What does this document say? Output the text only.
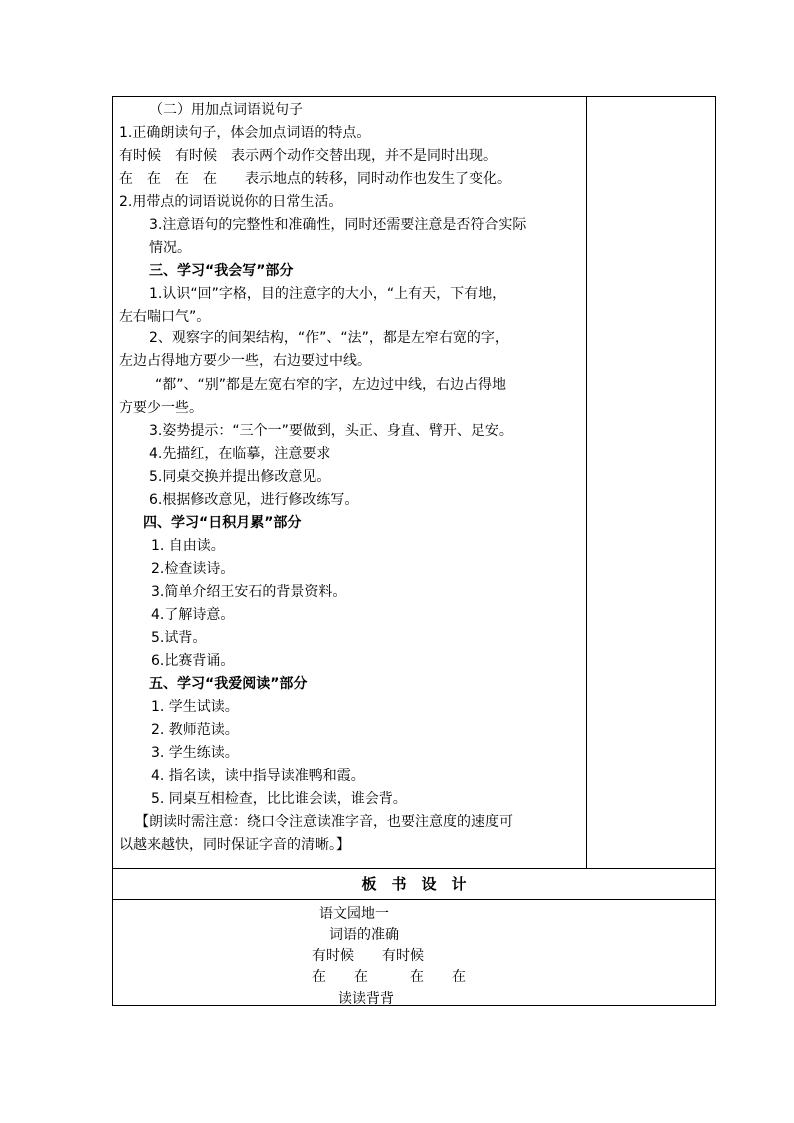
（二）用加点词语说句子
1.正确朗读句子，体会加点词语的特点。
有时候　有时候　表示两个动作交替出现，并不是同时出现。
在　在　在　在　　表示地点的转移，同时动作也发生了变化。
2.用带点的词语说说你的日常生活。
3.注意语句的完整性和准确性，同时还需要注意是否符合实际
情况。
三、学习“我会写”部分
1.认识“回”字格，目的注意字的大小，“上有天，下有地，
左右喘口气”。
2、观察字的间架结构，“作”、“法”，都是左窄右宽的字，
左边占得地方要少一些，右边要过中线。
“都”、“别”都是左宽右窄的字，左边过中线，右边占得地
方要少一些。
3.姿势提示：“三个一”要做到，头正、身直、臂开、足安。
4.先描红，在临摹，注意要求
5.同桌交换并提出修改意见。
6.根据修改意见，进行修改练写。
四、学习“日积月累”部分
1. 自由读。
2.检查读诗。
3.简单介绍王安石的背景资料。
4.了解诗意。
5.试背。
6.比赛背诵。
五、学习“我爱阅读”部分
1. 学生试读。
2. 教师范读。
3. 学生练读。
4. 指名读，读中指导读准鸭和霞。
5. 同桌互相检查，比比谁会读，谁会背。
【朗读时需注意：绕口令注意读准字音，也要注意度的速度可
以越来越快，同时保证字音的清晰。】
板　书　设　计
语文园地一
词语的准确
有时候　　有时候
在　　在　　　在　　在
读读背背
